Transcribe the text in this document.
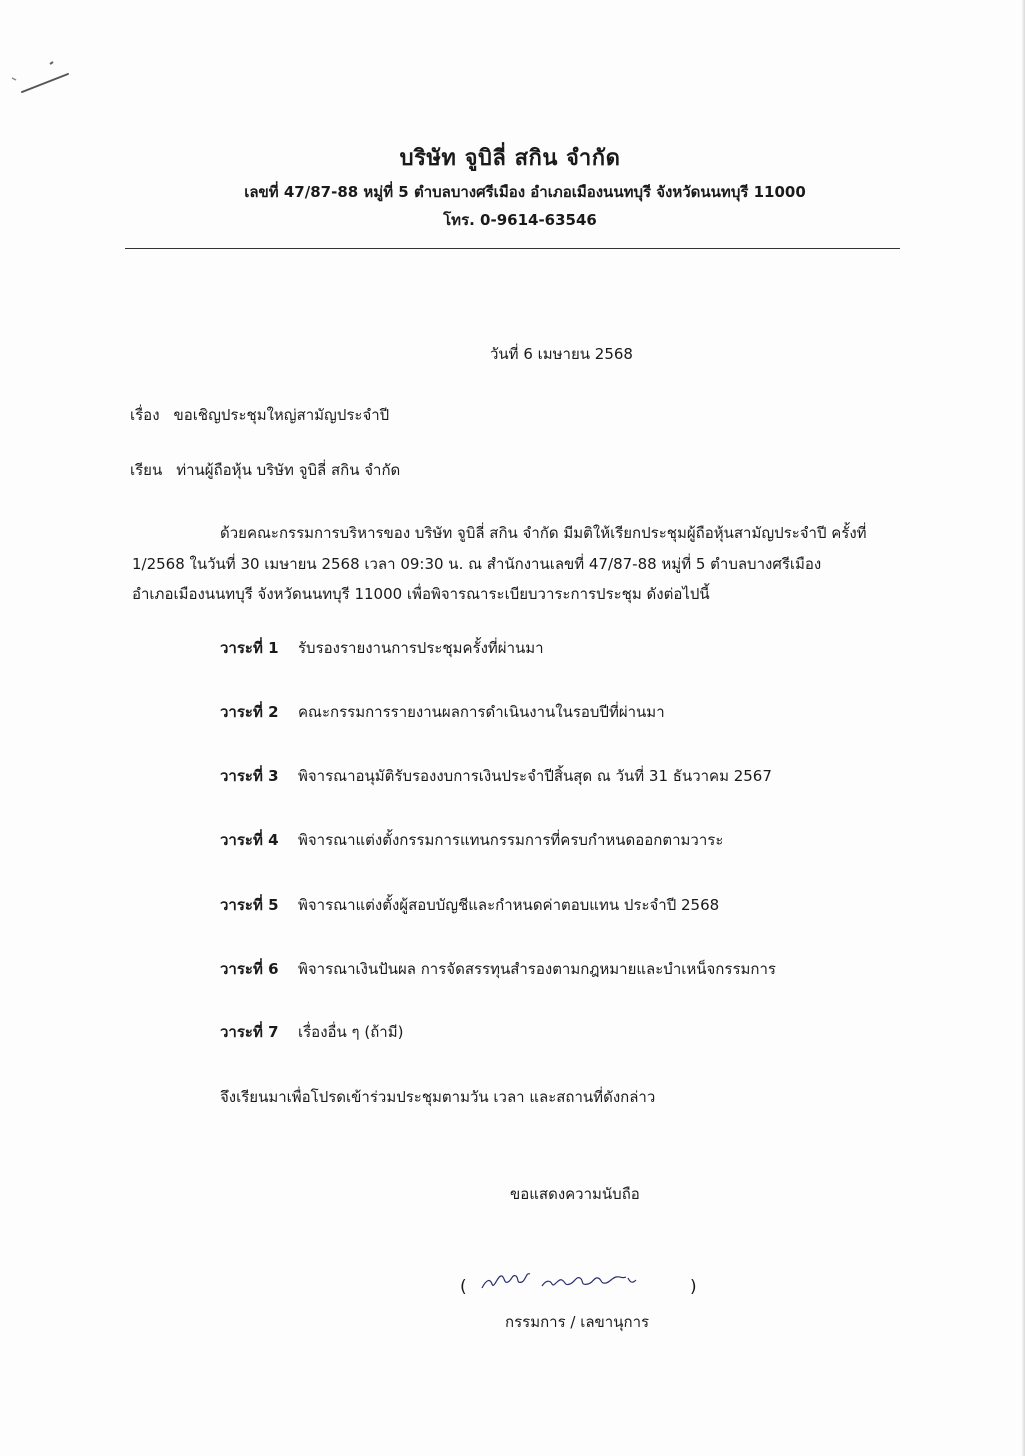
บริษัท จูบิลี่ สกิน จำกัด
เลขที่ 47/87-88 หมู่ที่ 5 ตำบลบางศรีเมือง อำเภอเมืองนนทบุรี จังหวัดนนทบุรี 11000
โทร. 0-9614-63546
วันที่ 6 เมษายน 2568
เรื่อง ขอเชิญประชุมใหญ่สามัญประจำปี
เรียน ท่านผู้ถือหุ้น บริษัท จูบิลี่ สกิน จำกัด
ด้วยคณะกรรมการบริหารของ บริษัท จูบิลี่ สกิน จำกัด มีมติให้เรียกประชุมผู้ถือหุ้นสามัญประจำปี ครั้งที่
1/2568 ในวันที่ 30 เมษายน 2568 เวลา 09:30 น. ณ สำนักงานเลขที่ 47/87-88 หมู่ที่ 5 ตำบลบางศรีเมือง
อำเภอเมืองนนทบุรี จังหวัดนนทบุรี 11000 เพื่อพิจารณาระเบียบวาระการประชุม ดังต่อไปนี้
วาระที่ 1 รับรองรายงานการประชุมครั้งที่ผ่านมา
วาระที่ 2 คณะกรรมการรายงานผลการดำเนินงานในรอบปีที่ผ่านมา
วาระที่ 3 พิจารณาอนุมัติรับรองงบการเงินประจำปีสิ้นสุด ณ วันที่ 31 ธันวาคม 2567
วาระที่ 4 พิจารณาแต่งตั้งกรรมการแทนกรรมการที่ครบกำหนดออกตามวาระ
วาระที่ 5 พิจารณาแต่งตั้งผู้สอบบัญชีและกำหนดค่าตอบแทน ประจำปี 2568
วาระที่ 6 พิจารณาเงินปันผล การจัดสรรทุนสำรองตามกฎหมายและบำเหน็จกรรมการ
วาระที่ 7 เรื่องอื่น ๆ (ถ้ามี)
จึงเรียนมาเพื่อโปรดเข้าร่วมประชุมตามวัน เวลา และสถานที่ดังกล่าว
ขอแสดงความนับถือ
(	)
กรรมการ / เลขานุการ
